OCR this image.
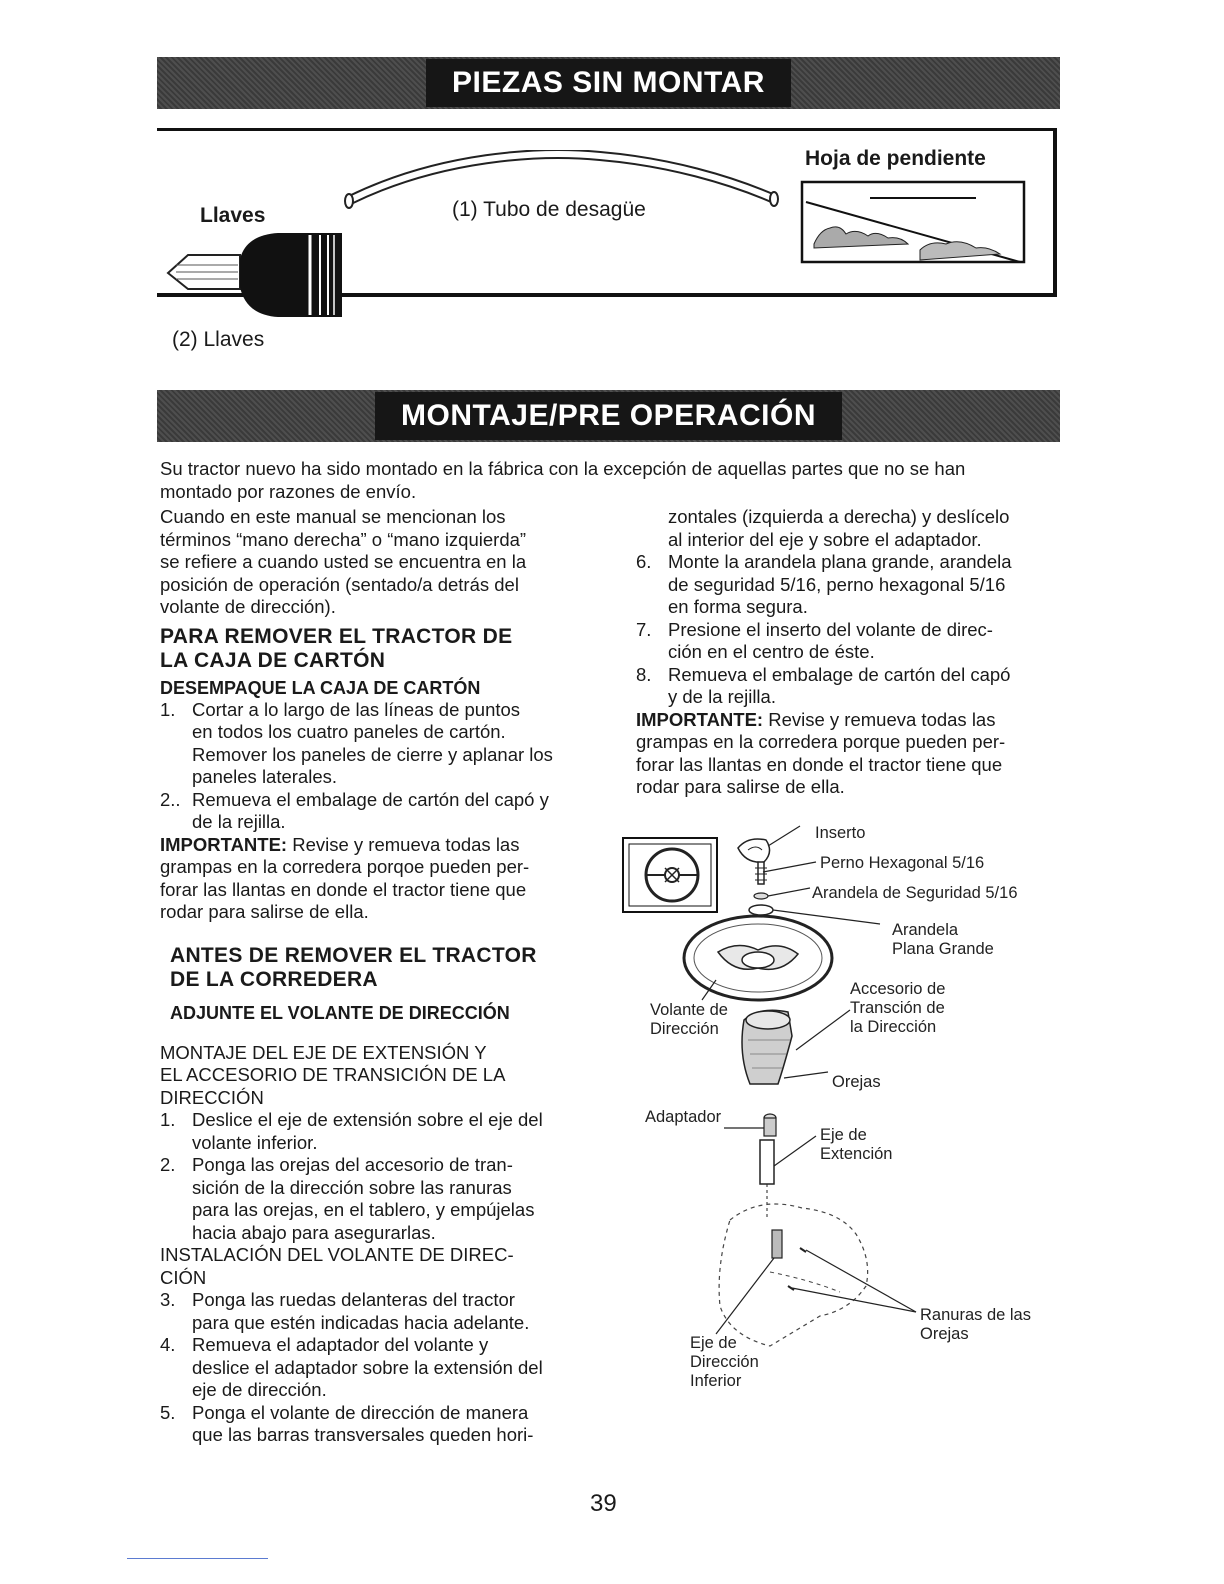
PIEZAS SIN MONTAR
Llaves
(2) Llaves
(1) Tubo de desagüe
Hoja de pendiente
MONTAJE/PRE OPERACIÓN
Su tractor nuevo ha sido montado en la fábrica con la excepción de aquellas partes que no se han
montado por razones de envío.
Cuando en este manual se mencionan los
términos “mano derecha” o “mano izquierda”
se refiere a cuando usted se encuentra en la
posición de operación (sentado/a detrás del
volante de dirección).
PARA REMOVER EL TRACTOR DE
LA CAJA DE CARTÓN
DESEMPAQUE LA CAJA DE CARTÓN
1. Cortar a lo largo de las líneas de puntos
en todos los cuatro paneles de cartón.
Remover los paneles de cierre y aplanar los
paneles laterales.
2.. Remueva el embalage de cartón del capó y
de la rejilla.
IMPORTANTE: Revise y remueva todas las
grampas en la corredera porqoe pueden per-
forar las llantas en donde el tractor tiene que
rodar para salirse de ella.
ANTES DE REMOVER EL TRACTOR
DE LA CORREDERA
ADJUNTE EL VOLANTE DE DIRECCIÓN
MONTAJE DEL EJE DE EXTENSIÓN Y
EL ACCESORIO DE TRANSICIÓN DE LA
DIRECCIÓN
1. Deslice el eje de extensión sobre el eje del
volante inferior.
2. Ponga las orejas del accesorio de tran-
sición de la dirección sobre las ranuras
para las orejas, en el tablero, y empújelas
hacia abajo para asegurarlas.
INSTALACIÓN DEL VOLANTE DE DIREC-
CIÓN
3. Ponga las ruedas delanteras del tractor
para que estén indicadas hacia adelante.
4. Remueva el adaptador del volante y
deslice el adaptador sobre la extensión del
eje de dirección.
5. Ponga el volante de dirección de manera
que las barras transversales queden hori-
zontales (izquierda a derecha) y deslícelo
al interior del eje y sobre el adaptador.
6. Monte la arandela plana grande, arandela
de seguridad 5/16, perno hexagonal 5/16
en forma segura.
7. Presione el inserto del volante de direc-
ción en el centro de éste.
8. Remueva el embalage de cartón del capó
y de la rejilla.
IMPORTANTE: Revise y remueva todas las
grampas en la corredera porque pueden per-
forar las llantas en donde el tractor tiene que
rodar para salirse de ella.
Inserto
Perno Hexagonal 5/16
Arandela de Seguridad 5/16
Arandela
Plana Grande
Accesorio de
Transción de
la Dirección
Volante de
Dirección
Orejas
Adaptador
Eje de
Extención
Ranuras de las
Orejas
Eje de
Dirección
Inferior
39
